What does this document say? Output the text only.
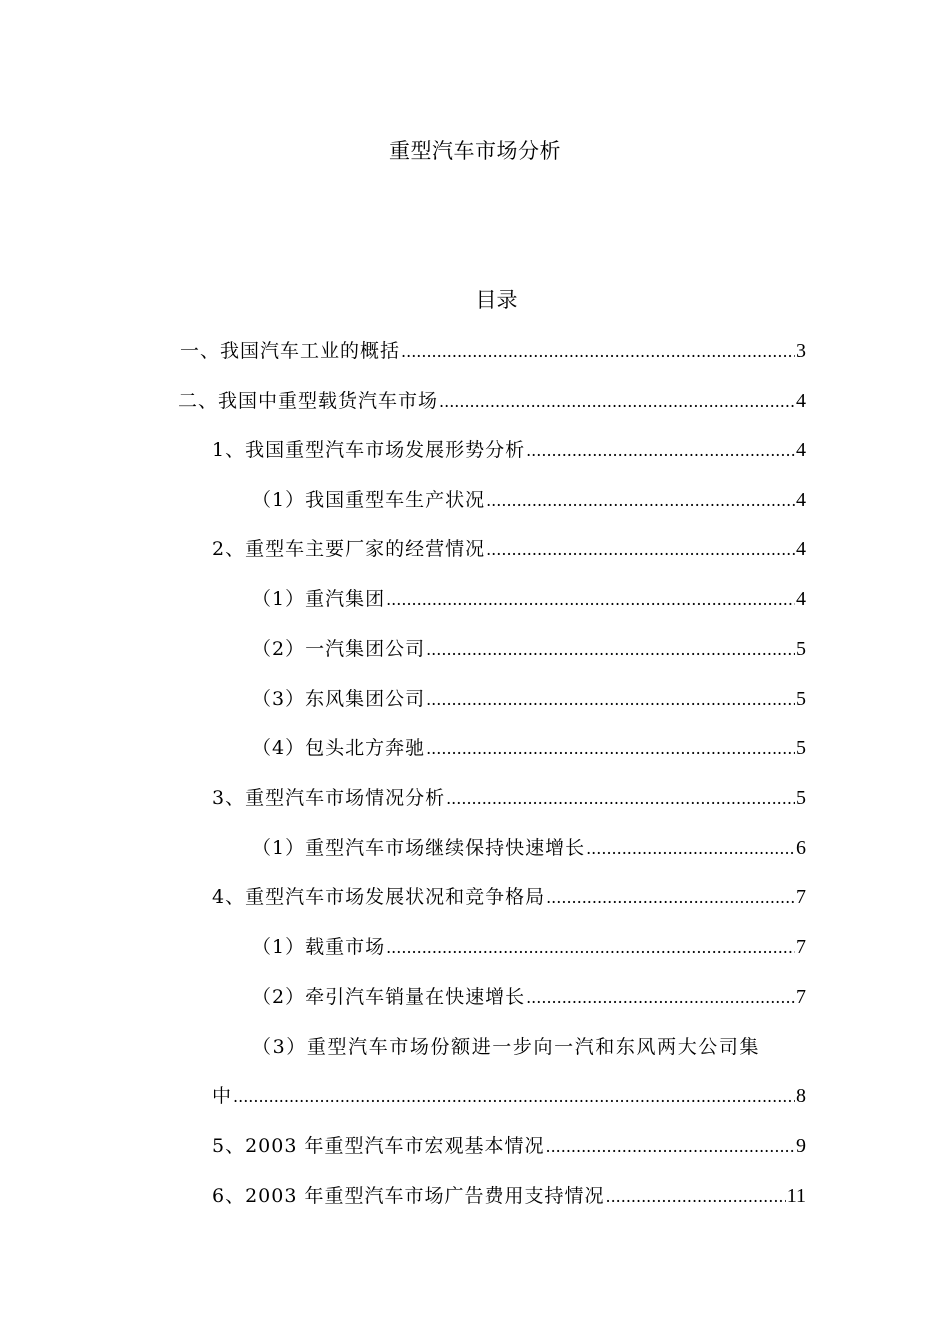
重型汽车市场分析
目录
一、我国汽车工业的概括 .....	3
二、我国中重型载货汽车市场 .....	4
1、我国重型汽车市场发展形势分析 .....	4
（1）我国重型车生产状况 .....	4
2、重型车主要厂家的经营情况 .....	4
（1）重汽集团 .....	4
（2）一汽集团公司 .....	5
（3）东风集团公司 .....	5
（4）包头北方奔驰 .....	5
3、重型汽车市场情况分析 .....	5
（1）重型汽车市场继续保持快速增长 .....	6
4、重型汽车市场发展状况和竞争格局 .....	7
（1）载重市场 .....	7
（2）牵引汽车销量在快速增长 .....	7
（3）重型汽车市场份额进一步向一汽和东风两大公司集
中 .....	8
5、2003 年重型汽车市宏观基本情况 .....	9
6、2003 年重型汽车市场广告费用支持情况 .....	11
